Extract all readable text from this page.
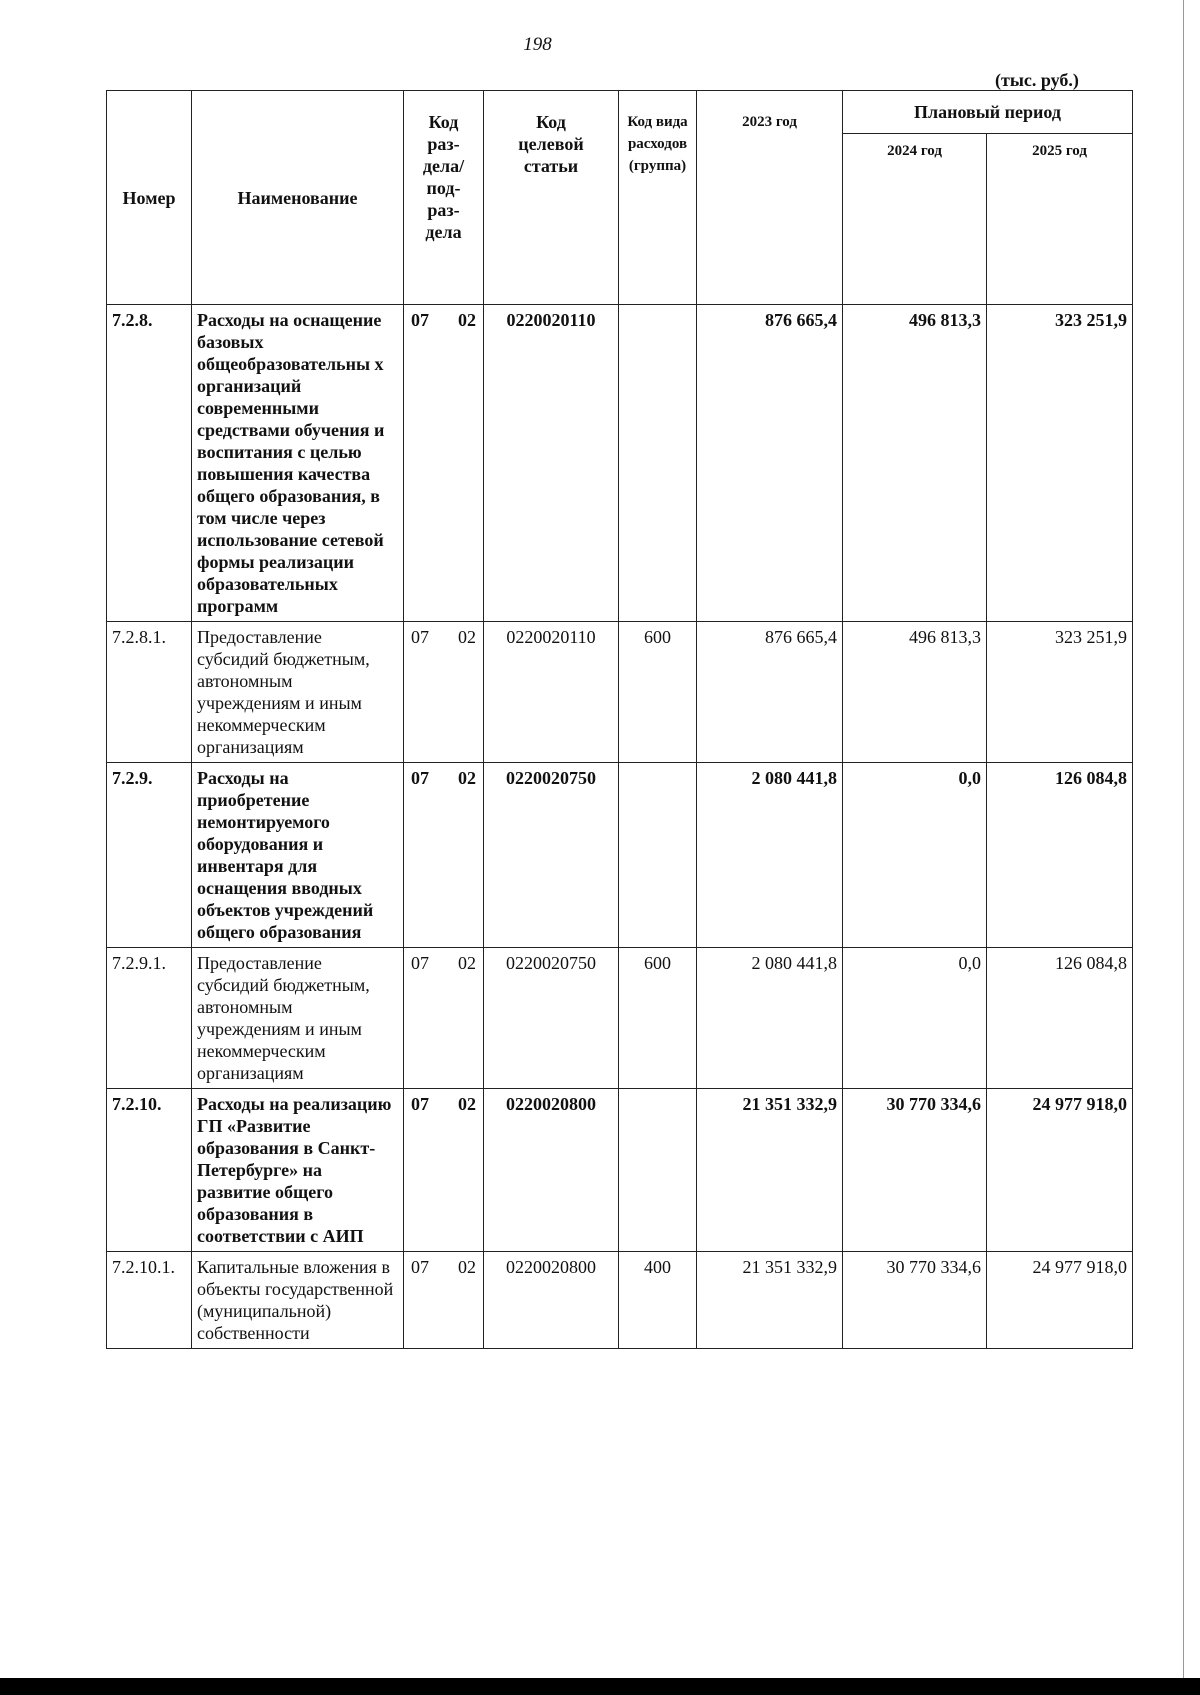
198
(тыс. руб.)
Номер	Наименование	Код раз-дела/ под-раз-дела	Код целевой статьи	Код вида расходов (группа)	2023 год	Плановый период	
						2024 год	2025 год
7.2.8.	Расходы на оснащение базовых общеобразовательны х организаций современными средствами обучения и воспитания с целью повышения качества общего образования, в том числе через использование сетевой формы реализации образовательных программ	07 02	0220020110		876 665,4	496 813,3	323 251,9
7.2.8.1.	Предоставление субсидий бюджетным, автономным учреждениям и иным некоммерческим организациям	07 02	0220020110	600	876 665,4	496 813,3	323 251,9
7.2.9.	Расходы на приобретение немонтируемого оборудования и инвентаря для оснащения вводных объектов учреждений общего образования	07 02	0220020750		2 080 441,8	0,0	126 084,8
7.2.9.1.	Предоставление субсидий бюджетным, автономным учреждениям и иным некоммерческим организациям	07 02	0220020750	600	2 080 441,8	0,0	126 084,8
7.2.10.	Расходы на реализацию ГП «Развитие образования в Санкт-Петербурге» на развитие общего образования в соответствии с АИП	07 02	0220020800		21 351 332,9	30 770 334,6	24 977 918,0
7.2.10.1.	Капитальные вложения в объекты государственной (муниципальной) собственности	07 02	0220020800	400	21 351 332,9	30 770 334,6	24 977 918,0
